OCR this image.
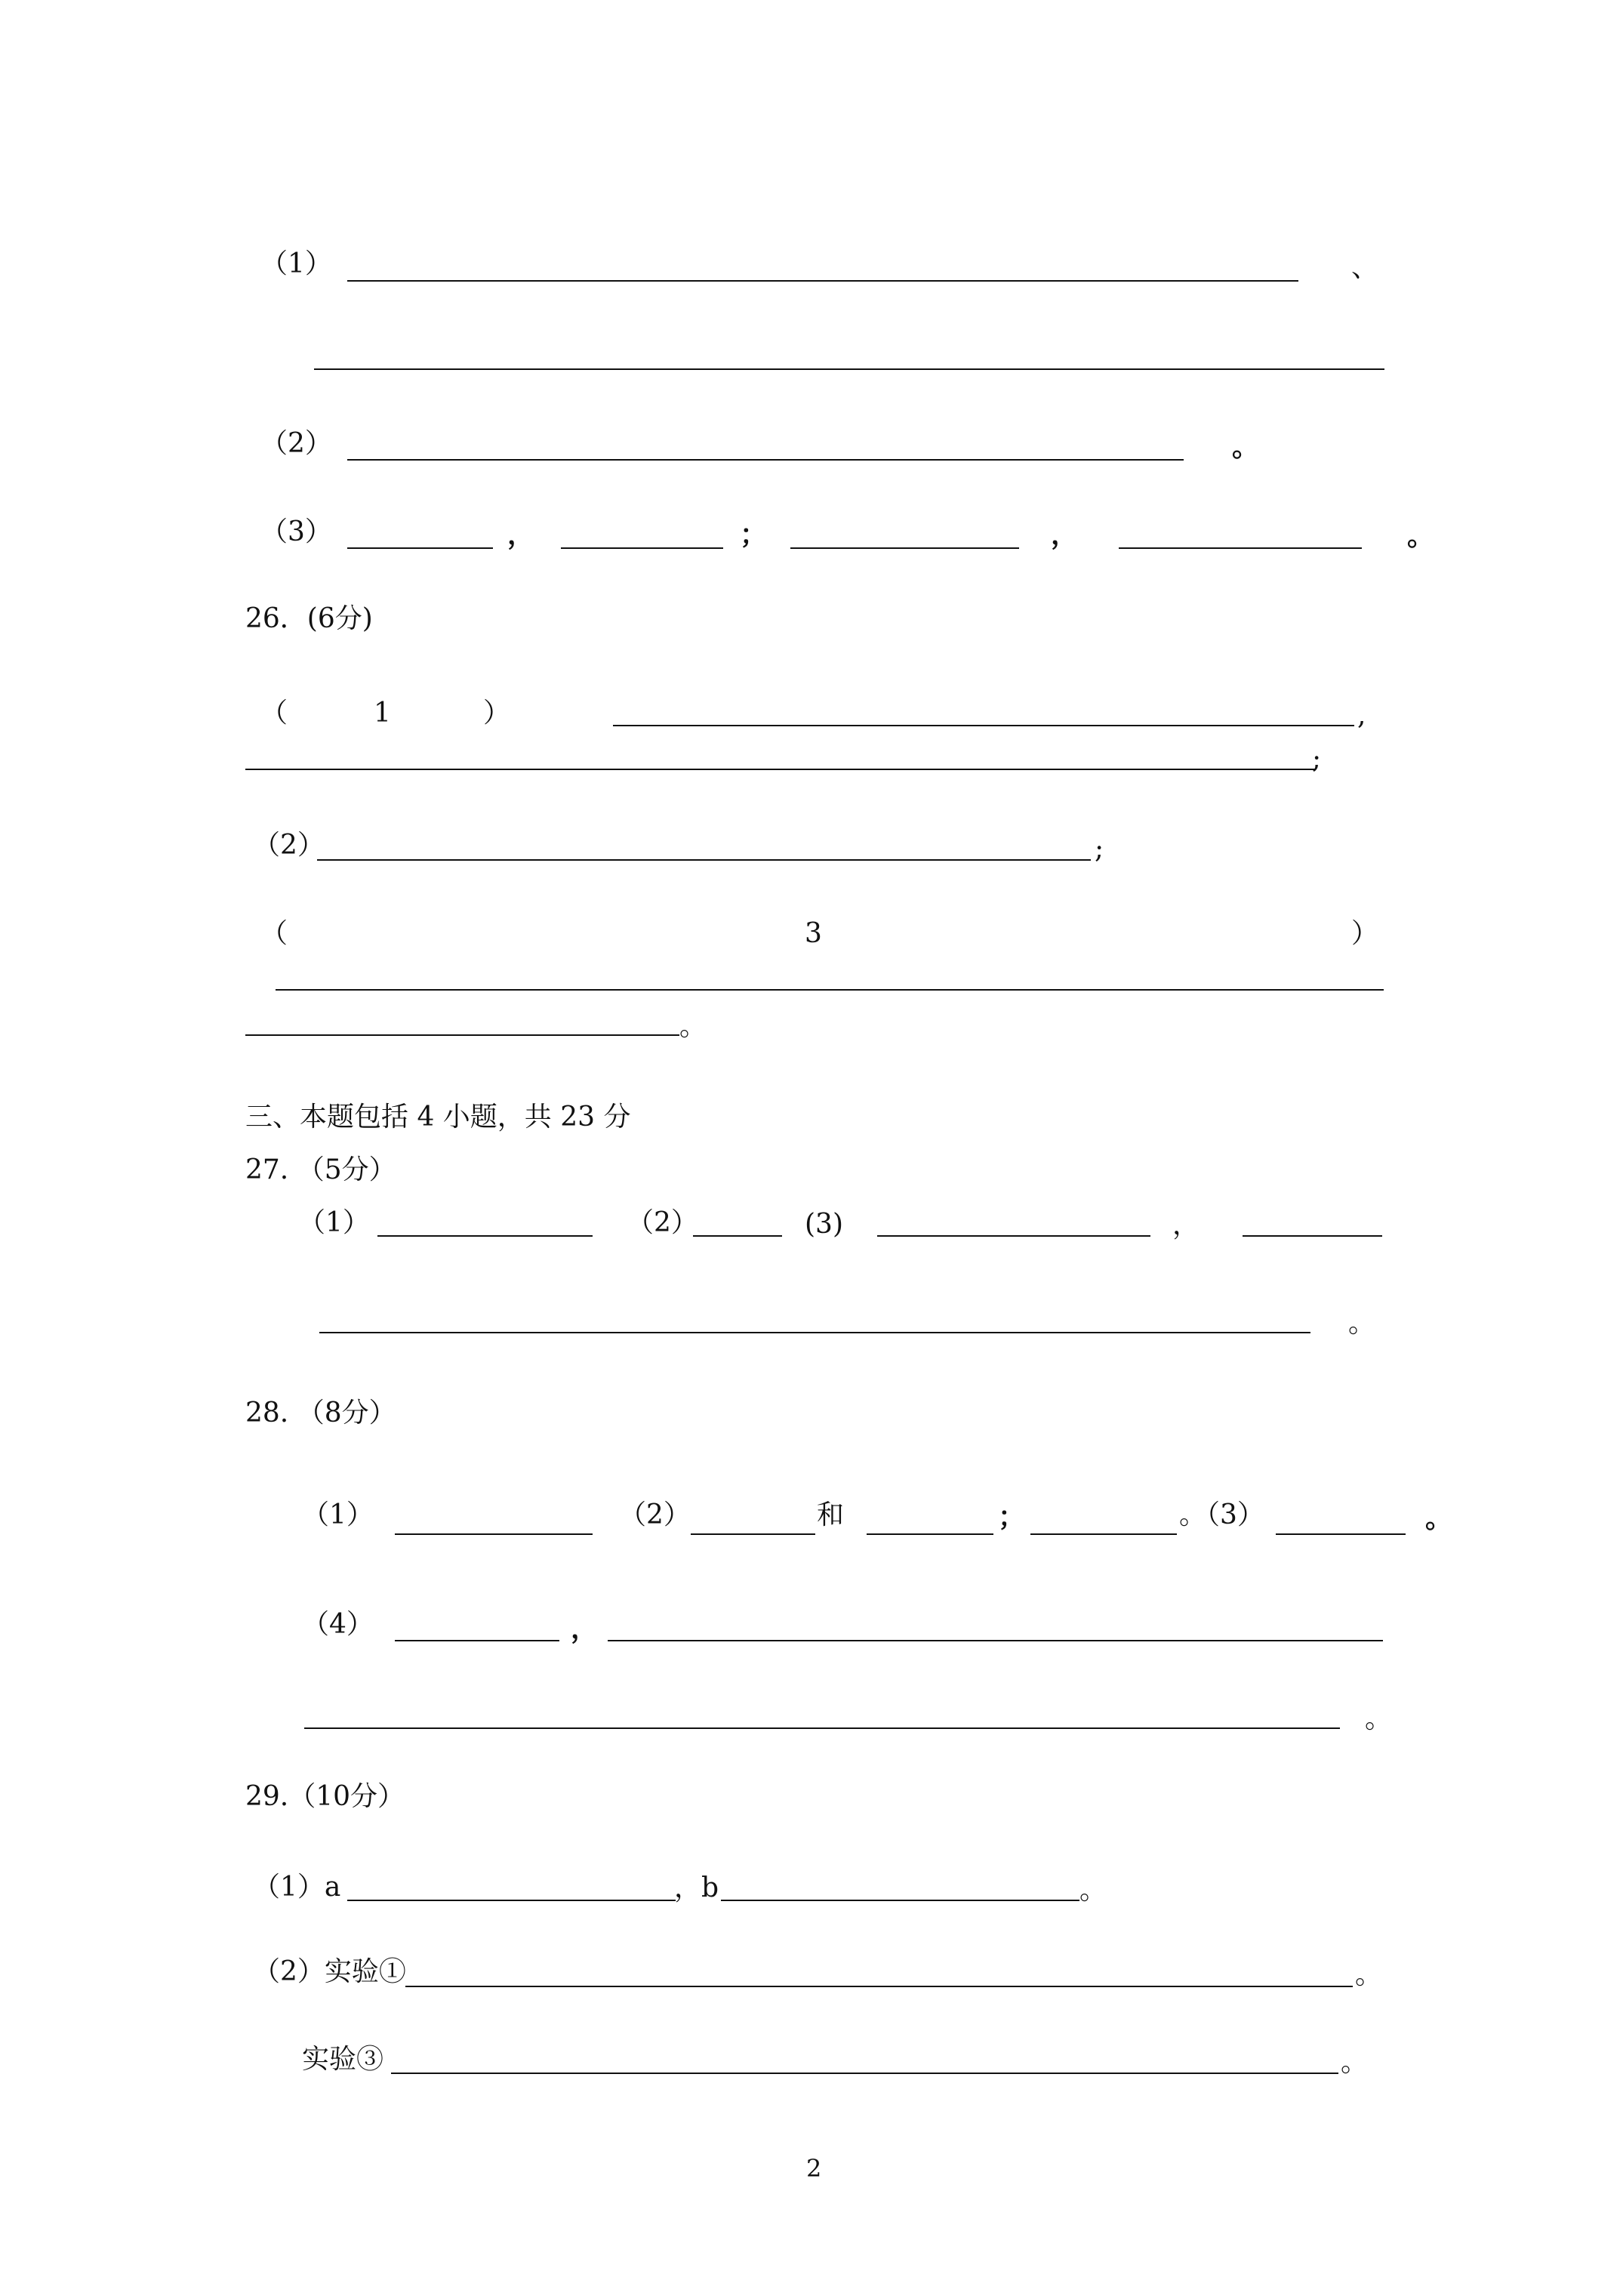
（1）	、
（2）	。
（3）	，	；	，	。
26．(6分)
（	1	）	,
;
（2）	;
（	3	）
。
三、本题包括 4 小题，共 23 分
27. （5分）
（1）	（2）	(3)	，
。
28. （8分）
（1）	（2）	和	；	。（3）	。
（4）	，
。
29.（10分）
（1）a	，b	。
（2）实验①	。
实验③	。
2
